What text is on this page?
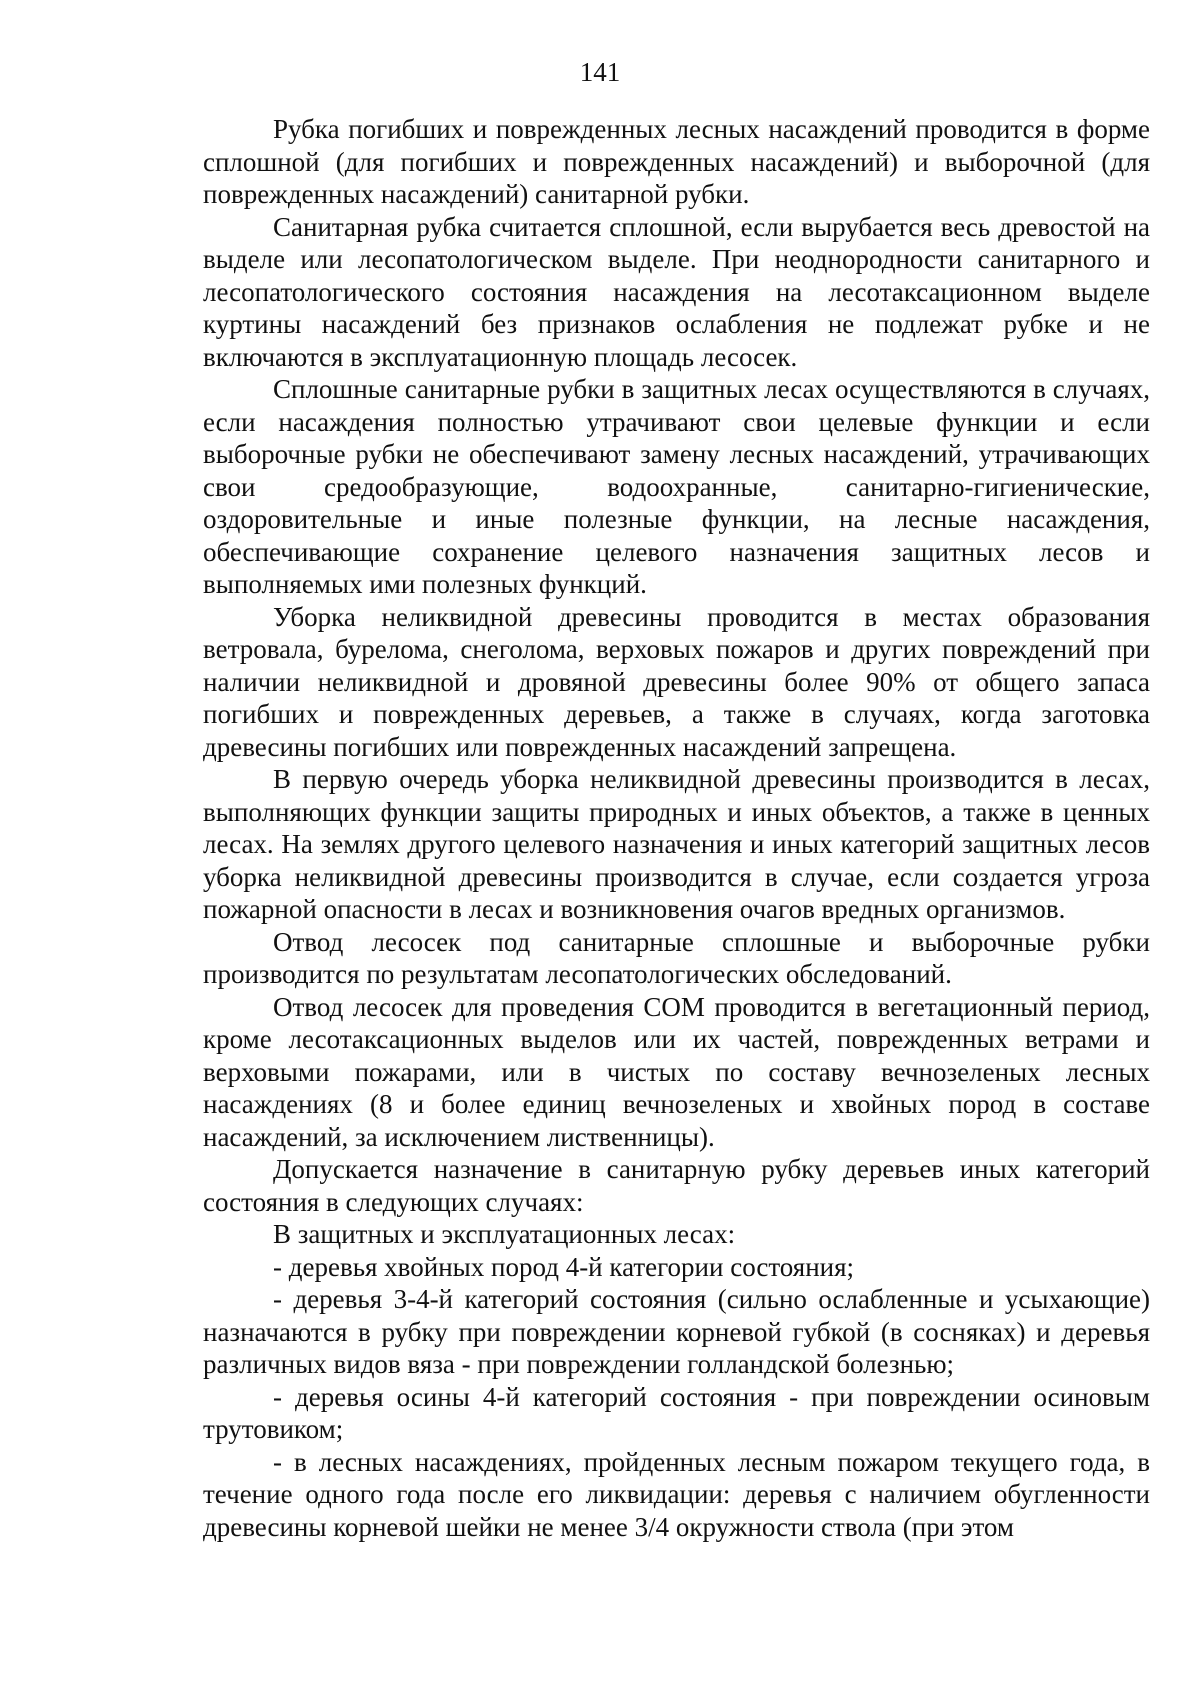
141

Рубка погибших и поврежденных лесных насаждений проводится в форме сплошной (для погибших и поврежденных насаждений) и выборочной (для поврежденных насаждений) санитарной рубки.

Санитарная рубка считается сплошной, если вырубается весь древостой на выделе или лесопатологическом выделе. При неоднородности санитарного и лесопатологического состояния насаждения на лесотаксационном выделе куртины насаждений без признаков ослабления не подлежат рубке и не включаются в эксплуатационную площадь лесосек.

Сплошные санитарные рубки в защитных лесах осуществляются в случаях, если насаждения полностью утрачивают свои целевые функции и если выборочные рубки не обеспечивают замену лесных насаждений, утрачивающих свои средообразующие, водоохранные, санитарно-гигиенические, оздоровительные и иные полезные функции, на лесные насаждения, обеспечивающие сохранение целевого назначения защитных лесов и выполняемых ими полезных функций.

Уборка неликвидной древесины проводится в местах образования ветровала, бурелома, снеголома, верховых пожаров и других повреждений при наличии неликвидной и дровяной древесины более 90% от общего запаса погибших и поврежденных деревьев, а также в случаях, когда заготовка древесины погибших или поврежденных насаждений запрещена.

В первую очередь уборка неликвидной древесины производится в лесах, выполняющих функции защиты природных и иных объектов, а также в ценных лесах. На землях другого целевого назначения и иных категорий защитных лесов уборка неликвидной древесины производится в случае, если создается угроза пожарной опасности в лесах и возникновения очагов вредных организмов.

Отвод лесосек под санитарные сплошные и выборочные рубки производится по результатам лесопатологических обследований.

Отвод лесосек для проведения СОМ проводится в вегетационный период, кроме лесотаксационных выделов или их частей, поврежденных ветрами и верховыми пожарами, или в чистых по составу вечнозеленых лесных насаждениях (8 и более единиц вечнозеленых и хвойных пород в составе насаждений, за исключением лиственницы).

Допускается назначение в санитарную рубку деревьев иных категорий состояния в следующих случаях:

В защитных и эксплуатационных лесах:

- деревья хвойных пород 4-й категории состояния;

- деревья 3-4-й категорий состояния (сильно ослабленные и усыхающие) назначаются в рубку при повреждении корневой губкой (в сосняках) и деревья различных видов вяза - при повреждении голландской болезнью;

- деревья осины 4-й категорий состояния - при повреждении осиновым трутовиком;

- в лесных насаждениях, пройденных лесным пожаром текущего года, в течение одного года после его ликвидации: деревья с наличием обугленности древесины корневой шейки не менее 3/4 окружности ствола (при этом
